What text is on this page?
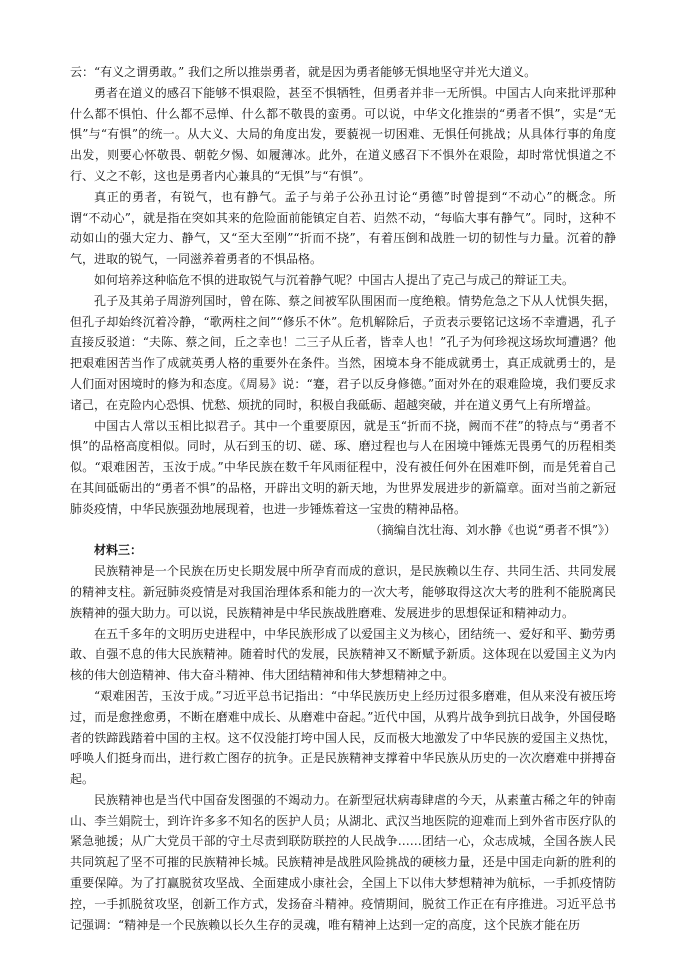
云：“有义之谓勇敢。” 我们之所以推崇勇者，就是因为勇者能够无惧地坚守并光大道义。

勇者在道义的感召下能够不惧艰险，甚至不惧牺牲，但勇者并非一无所惧。中国古人向来批评那种什么都不惧怕、什么都不忌惮、什么都不敬畏的蛮勇。可以说，中华文化推崇的“勇者不惧”，实是“无惧”与“有惧”的统一。从大义、大局的角度出发，要藐视一切困难、无惧任何挑战；从具体行事的角度出发，则要心怀敬畏、朝乾夕惕、如履薄冰。此外，在道义感召下不惧外在艰险，却时常忧惧道之不行、义之不彰，这也是勇者内心兼具的“无惧”与“有惧”。

真正的勇者，有锐气，也有静气。孟子与弟子公孙丑讨论“勇德”时曾提到“不动心”的概念。所谓“不动心”，就是指在突如其来的危险面前能镇定自若、岿然不动，“每临大事有静气”。同时，这种不动如山的强大定力、静气，又“至大至刚”“折而不挠”，有着压倒和战胜一切的韧性与力量。沉着的静气，进取的锐气，一同滋养着勇者的不惧品格。

如何培养这种临危不惧的进取锐气与沉着静气呢？中国古人提出了克己与成己的辩证工夫。

孔子及其弟子周游列国时，曾在陈、蔡之间被军队围困而一度绝粮。情势危急之下从人忧惧失据，但孔子却始终沉着冷静，“歌两柱之间”“修乐不休”。危机解除后，子贡表示要铭记这场不幸遭遇，孔子直接反驳道：“夫陈、蔡之间，丘之幸也！二三子从丘者，皆幸人也！”孔子为何珍视这场坎坷遭遇？他把艰难困苦当作了成就英勇人格的重要外在条件。当然，困境本身不能成就勇士，真正成就勇士的，是人们面对困境时的修为和态度。《周易》说：“蹇，君子以反身修德。”面对外在的艰难险境，我们要反求诸己，在克险内心恐惧、忧愁、烦扰的同时，积极自我砥砺、超越突破，并在道义勇气上有所增益。

中国古人常以玉相比拟君子。其中一个重要原因，就是玉“折而不挠，阙而不荏”的特点与“勇者不惧”的品格高度相似。同时，从石到玉的切、磋、琢、磨过程也与人在困境中锤炼无畏勇气的历程相类似。“艰难困苦，玉汝于成。”中华民族在数千年风雨征程中，没有被任何外在困难吓倒，而是凭着自己在其间砥砺出的“勇者不惧”的品格，开辟出文明的新天地，为世界发展进步的新篇章。面对当前之新冠肺炎疫情，中华民族强劲地展现着，也进一步锤炼着这一宝贵的精神品格。

（摘编自沈壮海、刘水静《也说“勇者不惧”》）

材料三：

民族精神是一个民族在历史长期发展中所孕育而成的意识，是民族赖以生存、共同生活、共同发展的精神支柱。新冠肺炎疫情是对我国治理体系和能力的一次大考，能够取得这次大考的胜利不能脱离民族精神的强大助力。可以说，民族精神是中华民族战胜磨难、发展进步的思想保证和精神动力。

在五千多年的文明历史进程中，中华民族形成了以爱国主义为核心，团结统一、爱好和平、勤劳勇敢、自强不息的伟大民族精神。随着时代的发展，民族精神又不断赋予新质。这体现在以爱国主义为内核的伟大创造精神、伟大奋斗精神、伟大团结精神和伟大梦想精神之中。

“艰难困苦，玉汝于成。”习近平总书记指出：“中华民族历史上经历过很多磨难，但从来没有被压垮过，而是愈挫愈勇，不断在磨难中成长、从磨难中奋起。”近代中国，从鸦片战争到抗日战争，外国侵略者的铁蹄践踏着中国的主权。这不仅没能打垮中国人民，反而极大地激发了中华民族的爱国主义热忱，呼唤人们挺身而出，进行救亡图存的抗争。正是民族精神支撑着中华民族从历史的一次次磨难中拼搏奋起。

民族精神也是当代中国奋发图强的不竭动力。在新型冠状病毒肆虐的今天，从素董古稀之年的钟南山、李兰娟院士，到许许多多不知名的医护人员；从湖北、武汉当地医院的迎难而上到外省市医疗队的紧急驰援；从广大党员干部的守土尽责到联防联控的人民战争……团结一心，众志成城，全国各族人民共同筑起了坚不可摧的民族精神长城。民族精神是战胜风险挑战的硬核力量，还是中国走向新的胜利的重要保障。为了打赢脱贫攻坚战、全面建成小康社会，全国上下以伟大梦想精神为航标，一手抓疫情防控，一手抓脱贫攻坚，创新工作方式，发扬奋斗精神。疫情期间，脱贫工作正在有序推进。习近平总书记强调：“精神是一个民族赖以长久生存的灵魂，唯有精神上达到一定的高度，这个民族才能在历
